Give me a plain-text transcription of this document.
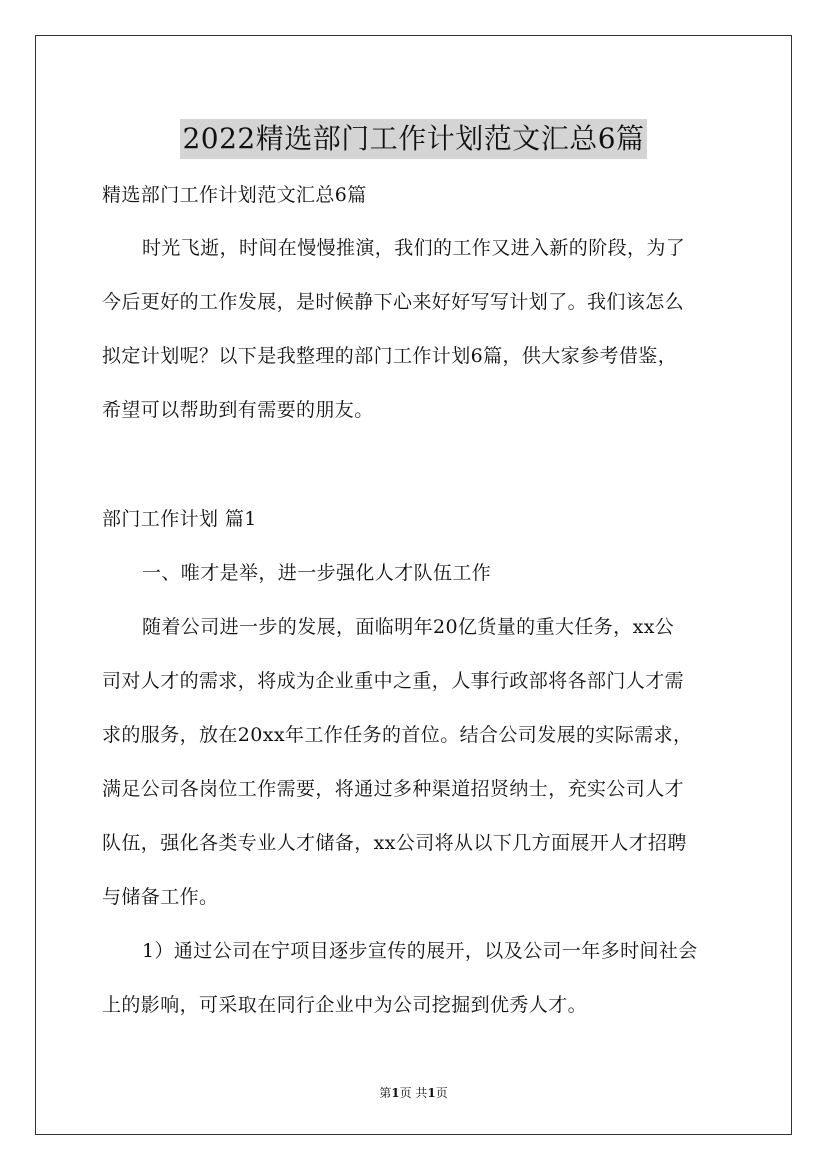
2022精选部门工作计划范文汇总6篇
精选部门工作计划范文汇总6篇
时光飞逝，时间在慢慢推演，我们的工作又进入新的阶段，为了
今后更好的工作发展，是时候静下心来好好写写计划了。我们该怎么
拟定计划呢？以下是我整理的部门工作计划6篇，供大家参考借鉴，
希望可以帮助到有需要的朋友。
部门工作计划 篇1
一、唯才是举，进一步强化人才队伍工作
随着公司进一步的发展，面临明年20亿货量的重大任务，xx公
司对人才的需求，将成为企业重中之重，人事行政部将各部门人才需
求的服务，放在20xx年工作任务的首位。结合公司发展的实际需求，
满足公司各岗位工作需要，将通过多种渠道招贤纳士，充实公司人才
队伍，强化各类专业人才储备，xx公司将从以下几方面展开人才招聘
与储备工作。
1）通过公司在宁项目逐步宣传的展开，以及公司一年多时间社会
上的影响，可采取在同行企业中为公司挖掘到优秀人才。
第1页 共1页
